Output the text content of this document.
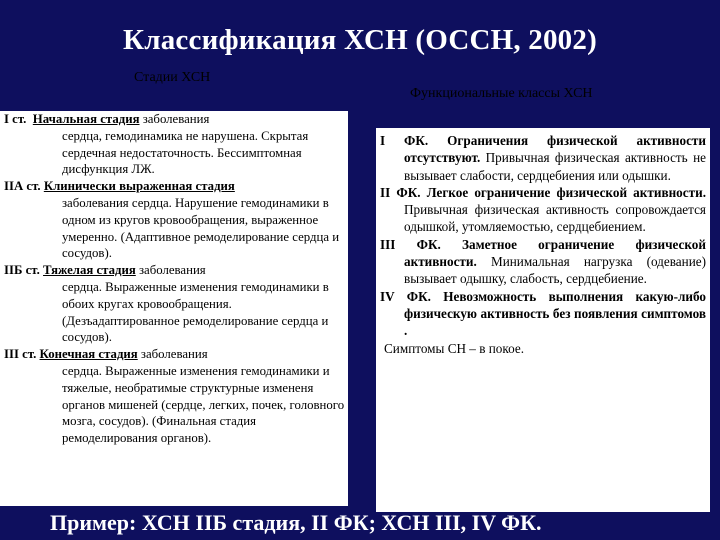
Классификация ХСН (ОССН, 2002)
Стадии ХСН
Функциональные классы ХСН
I ст. Начальная стадия заболевания
сердца, гемодинамика не нарушена. Скрытая сердечная недостаточность. Бессимптомная дисфункция ЛЖ.
IIА ст. Клинически выраженная стадия
заболевания сердца. Нарушение гемодинамики в одном из кругов кровообращения, выраженное умеренно. (Адаптивное ремоделирование сердца и сосудов).
IIБ ст. Тяжелая стадия заболевания
сердца. Выраженные изменения гемодинамики в обоих кругах кровообращения. (Дезъадаптированное ремоделирование сердца и сосудов).
III ст. Конечная стадия заболевания
сердца. Выраженные изменения гемодинамики и тяжелые, необратимые структурные измененя органов мишеней (сердце, легких, почек, головного мозга, сосудов). (Финальная стадия ремоделирования органов).
I ФК. Ограничения физической активности отсутствуют. Привычная физическая активность не вызывает слабости, сердцебиения или одышки.
II ФК. Легкое ограничение физической активности. Привычная физическая активность сопровождается одышкой, утомляемостью, сердцебиением.
III ФК. Заметное ограничение физической активности. Минимальная нагрузка (одевание) вызывает одышку, слабость, сердцебиение.
IV ФК. Невозможность выполнения какую-либо физическую активность без появления симптомов .
Симптомы СН – в покое.
Пример: ХСН IIБ стадия, II ФК; ХСН III, IV ФК.
